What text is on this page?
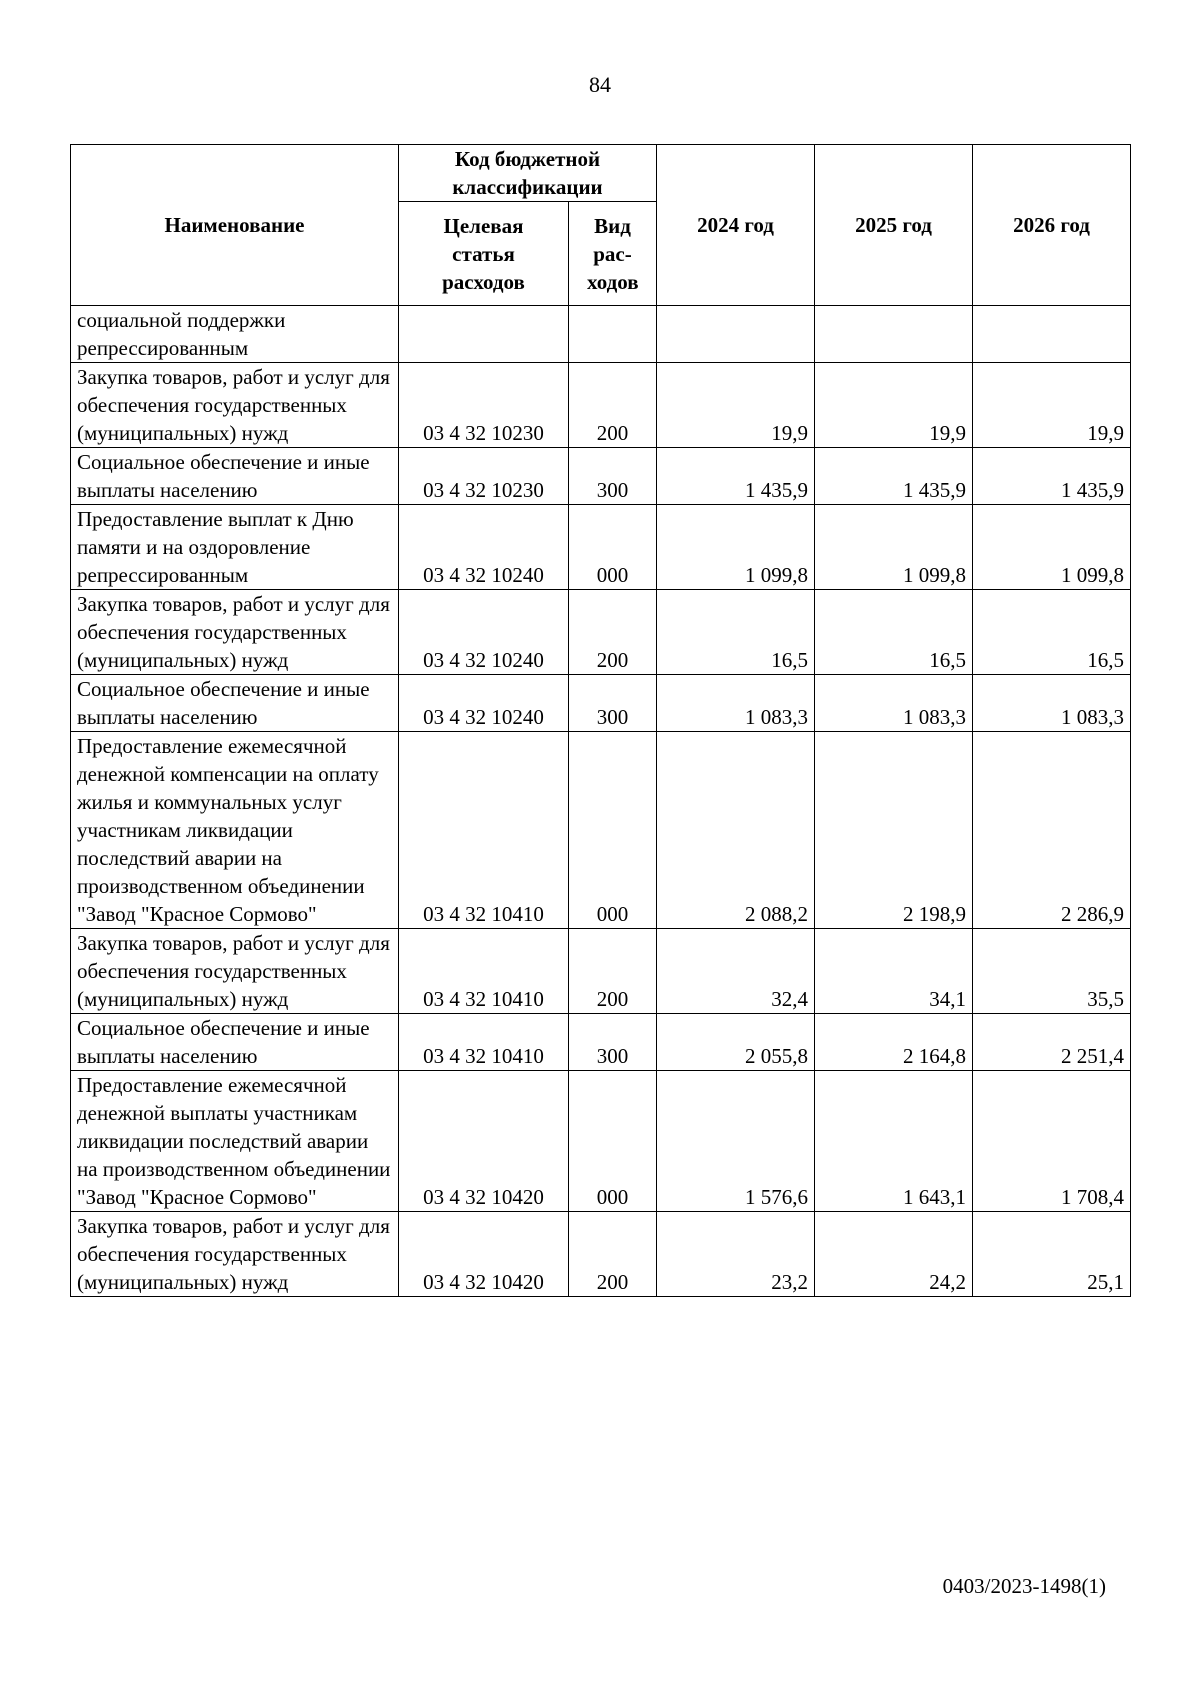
84
Наименование	Код бюджетной классификации		2024 год	2025 год	2026 год
	Целевая статья расходов	Вид рас- ходов			
социальной поддержки репрессированным					
Закупка товаров, работ и услуг для обеспечения государственных (муниципальных) нужд	03 4 32 10230	200	19,9	19,9	19,9
Социальное обеспечение и иные выплаты населению	03 4 32 10230	300	1 435,9	1 435,9	1 435,9
Предоставление выплат к Дню памяти и на оздоровление репрессированным	03 4 32 10240	000	1 099,8	1 099,8	1 099,8
Закупка товаров, работ и услуг для обеспечения государственных (муниципальных) нужд	03 4 32 10240	200	16,5	16,5	16,5
Социальное обеспечение и иные выплаты населению	03 4 32 10240	300	1 083,3	1 083,3	1 083,3
Предоставление ежемесячной денежной компенсации на оплату жилья и коммунальных услуг участникам ликвидации последствий аварии на производственном объединении "Завод "Красное Сормово"	03 4 32 10410	000	2 088,2	2 198,9	2 286,9
Закупка товаров, работ и услуг для обеспечения государственных (муниципальных) нужд	03 4 32 10410	200	32,4	34,1	35,5
Социальное обеспечение и иные выплаты населению	03 4 32 10410	300	2 055,8	2 164,8	2 251,4
Предоставление ежемесячной денежной выплаты участникам ликвидации последствий аварии на производственном объединении "Завод "Красное Сормово"	03 4 32 10420	000	1 576,6	1 643,1	1 708,4
Закупка товаров, работ и услуг для обеспечения государственных (муниципальных) нужд	03 4 32 10420	200	23,2	24,2	25,1
0403/2023-1498(1)
